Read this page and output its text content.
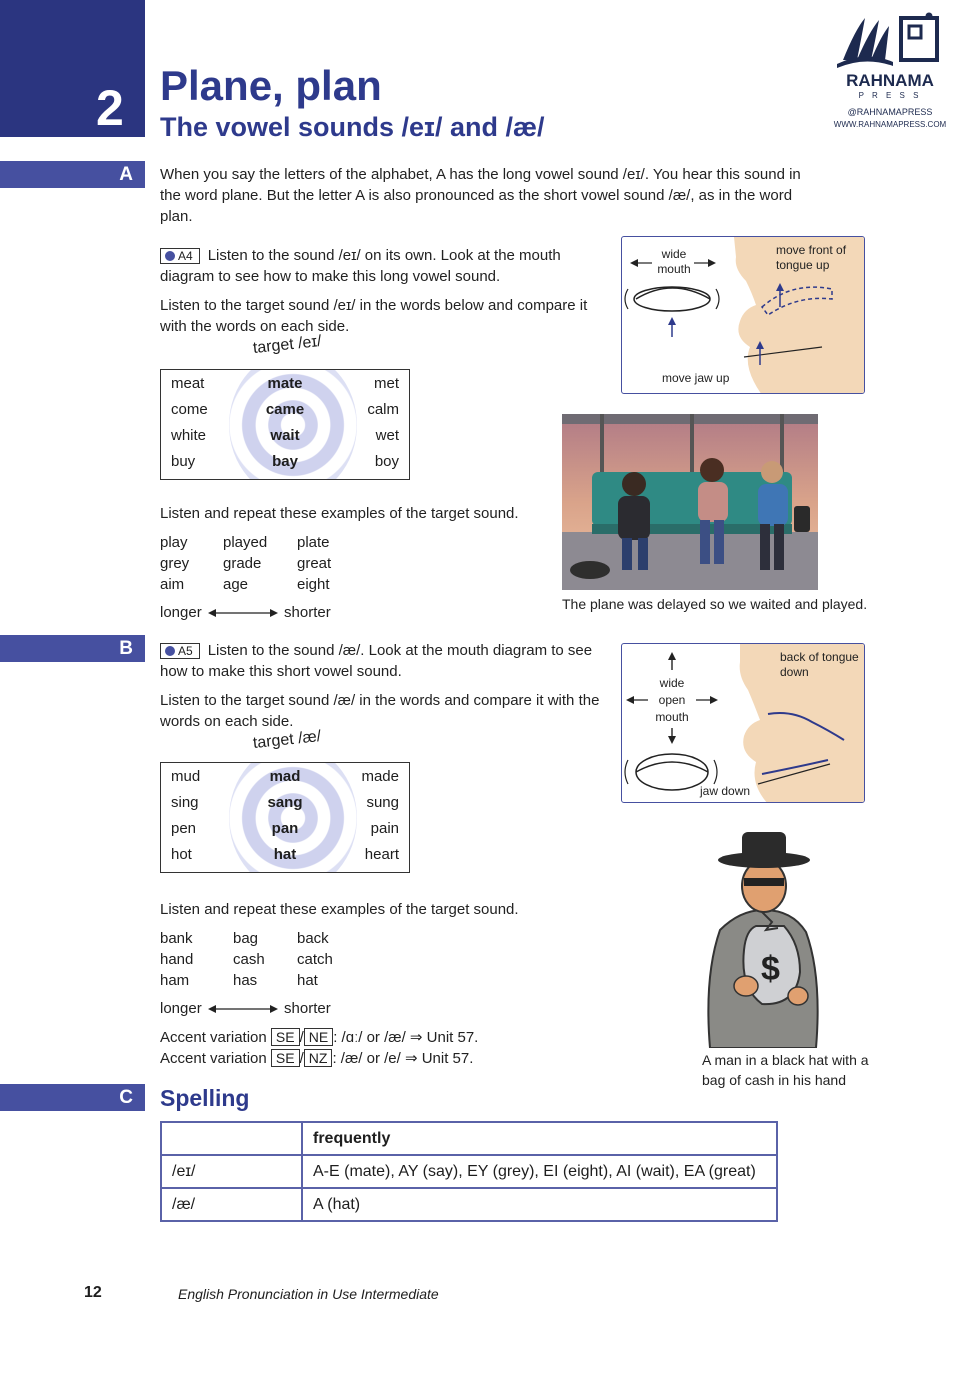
2 Plane, plan
The vowel sounds /eɪ/ and /æ/
RAHNAMA
P R E S S
@RAHNAMAPRESS
WWW.RAHNAMAPRESS.COM
A When you say the letters of the alphabet, A has the long vowel sound /eɪ/. You hear this sound in the word plane. But the letter A is also pronounced as the short vowel sound /æ/, as in the word plan.
A4 Listen to the sound /eɪ/ on its own. Look at the mouth diagram to see how to make this long vowel sound.
Listen to the target sound /eɪ/ in the words below and compare it with the words on each side.
target /eɪ/
meat	mate	met
come	came	calm
white	wait	wet
buy	bay	boy
Listen and repeat these examples of the target sound.
play played plate
grey grade great
aim	age	eight
longer	shorter
wide mouth
move front of tongue up
move jaw up
The plane was delayed so we waited and played.
B	A5 Listen to the sound /æ/. Look at the mouth diagram to see how to make this short vowel sound.
Listen to the target sound /æ/ in the words and compare it with the words on each side.
target /æ/
mud	mad	made
sing	sang	sung
pen	pan	pain
hot	hat	heart
Listen and repeat these examples of the target sound.
bank	bag	back
hand	cash catch
ham	has	hat
longer	shorter
Accent variation SE / NE : /ɑː/ or /æ/ ⇒ Unit 57.
Accent variation SE / NZ : /æ/ or /e/ ⇒ Unit 57.
back of tongue down
wide
open
mouth
jaw down
$
A man in a black hat with a bag of cash in his hand
C Spelling
	frequently
/eɪ/	A-E (mate), AY (say), EY (grey), EI (eight), AI (wait), EA (great)
/æ/	A (hat)
12	English Pronunciation in Use Intermediate
